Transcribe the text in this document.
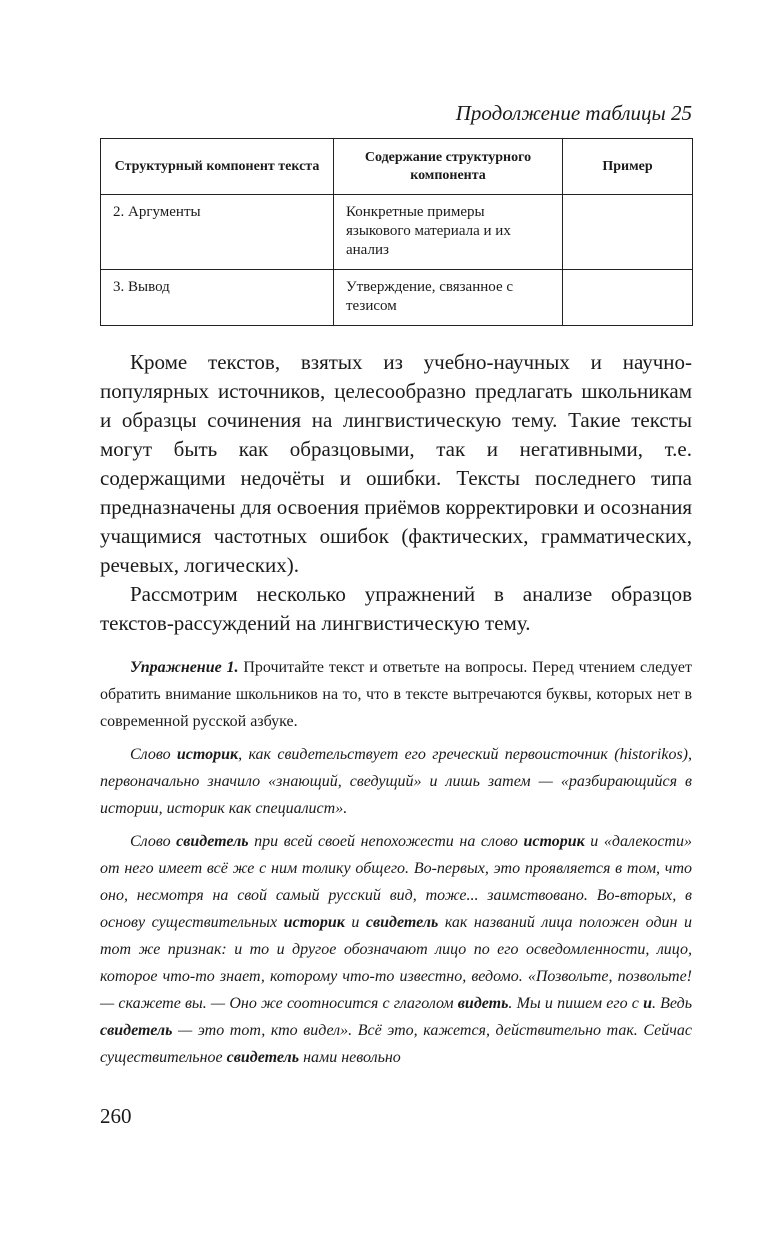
Продолжение таблицы 25
Структурный компонент текста	Содержание структурного компонента	Пример
2. Аргументы	Конкретные примеры языкового материала и их анализ	
3. Вывод	Утверждение, связанное с тезисом	

Кроме текстов, взятых из учебно-научных и научно-популярных источников, целесообразно предлагать школьникам и образцы сочинения на лингвистическую тему. Такие тексты могут быть как образцовыми, так и негативными, т.е. содержащими недочёты и ошибки. Тексты последнего типа предназначены для освоения приёмов корректировки и осознания учащимися частотных ошибок (фактических, грамматических, речевых, логических).

Рассмотрим несколько упражнений в анализе образцов текстов-рассуждений на лингвистическую тему.

Упражнение 1. Прочитайте текст и ответьте на вопросы. Перед чтением следует обратить внимание школьников на то, что в тексте вытречаются буквы, которых нет в современной русской азбуке.

Слово историк, как свидетельствует его греческий первоисточник (historikos), первоначально значило «знающий, сведущий» и лишь затем — «разбирающийся в истории, историк как специалист».

Слово свидетель при всей своей непохожести на слово историк и «далекости» от него имеет всё же с ним толику общего. Во-первых, это проявляется в том, что оно, несмотря на свой самый русский вид, тоже... заимствовано. Во-вторых, в основу существительных историк и свидетель как названий лица положен один и тот же признак: и то и другое обозначают лицо по его осведомленности, лицо, которое что-то знает, которому что-то известно, ведомо. «Позвольте, позвольте! — скажете вы. — Оно же соотносится с глаголом видеть. Мы и пишем его с и. Ведь свидетель — это тот, кто видел». Всё это, кажется, действительно так. Сейчас существительное свидетель нами невольно

260
